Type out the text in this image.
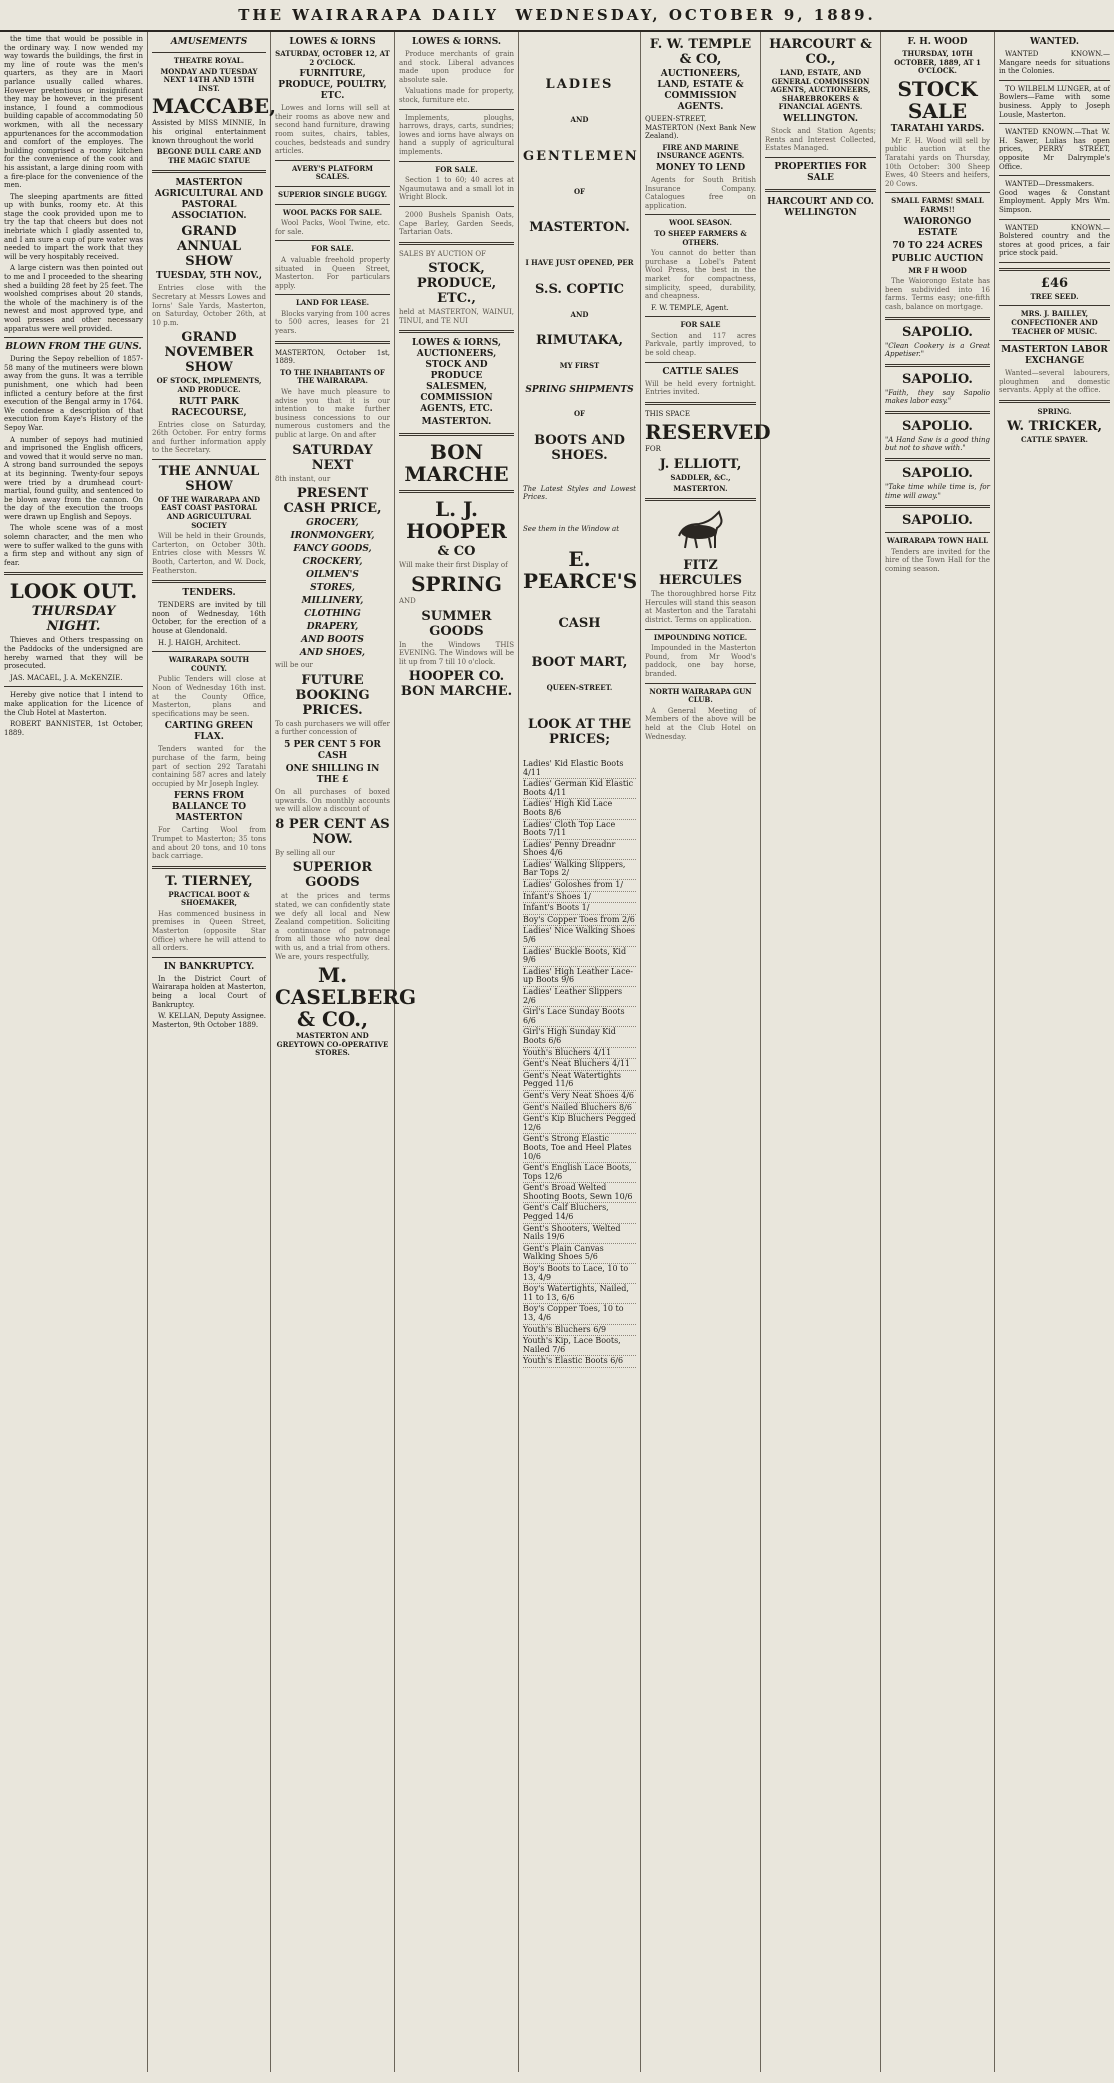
THE WAIRARAPA DAILY
WEDNESDAY, OCTOBER 9, 1889.

the time that would be possible in the ordinary way. I now wended my way towards the buildings, the first in my line of route was the men's quarters, as they are in Maori parlance usually called whares. However pretentious or insignificant they may be however, in the present instance, I found a commodious building capable of accommodating 50 workmen, with all the necessary appurtenances for the accommodation and comfort of the employes. The building comprised a roomy kitchen for the convenience of the cook and his assistant, a large dining room with a fire-place for the convenience of the men.

The sleeping apartments are fitted up with bunks, roomy etc. At this stage the cook provided upon me to try the tap that cheers but does not inebriate which I gladly assented to, and I am sure a cup of pure water was needed to impart the work that they will be very hospitably received.

A large cistern was then pointed out to me and I proceeded to the shearing shed a building 28 feet by 25 feet. The woolshed comprises about 20 stands, the whole of the machinery is of the newest and most approved type, and wool presses and other necessary apparatus were well provided.

BLOWN FROM THE GUNS.

During the Sepoy rebellion of 1857-58 many of the mutineers were blown away from the guns. It was a terrible punishment, one which had been inflicted a century before at the first execution of the Bengal army in 1764. We condense a description of that execution from Kaye's History of the Sepoy War.

A number of sepoys had mutinied and imprisoned the English officers, and vowed that it would serve no man. A strong band surrounded the sepoys at its beginning. Twenty-four sepoys were tried by a drumhead court-martial, found guilty, and sentenced to be blown away from the cannon. On the day of the execution the troops were drawn up English and Sepoys.

The whole scene was of a most solemn character, and the men who were to suffer walked to the guns with a firm step and without any sign of fear.

LOOK OUT.
THURSDAY NIGHT.

Thieves and Others trespassing on the Paddocks of the undersigned are hereby warned that they will be prosecuted.

JAS. MACAEL, J. A. McKENZIE.

Hereby give notice that I intend to make application for the Licence of the Club Hotel at Masterton.

ROBERT BANNISTER, 1st October, 1889.

AMUSEMENTS
THEATRE ROYAL.
MONDAY AND TUESDAY NEXT 14TH AND 15TH INST.
MACCABE,

Assisted by MISS MINNIE, In his original entertainment known throughout the world

BEGONE DULL CARE AND THE MAGIC STATUE
MASTERTON AGRICULTURAL AND PASTORAL ASSOCIATION.
GRAND ANNUAL SHOW
TUESDAY, 5TH NOV.,

Entries close with the Secretary at Messrs Lowes and Iorns' Sale Yards, Masterton, on Saturday, October 26th, at 10 p.m.

GRAND NOVEMBER SHOW
OF STOCK, IMPLEMENTS, AND PRODUCE.
RUTT PARK RACECOURSE,

Entries close on Saturday, 26th October. For entry forms and further information apply to the Secretary.

THE ANNUAL SHOW
OF THE WAIRARAPA AND EAST COAST PASTORAL AND AGRICULTURAL SOCIETY

Will be held in their Grounds, Carterton, on October 30th. Entries close with Messrs W. Booth, Carterton, and W. Dock, Featherston.

TENDERS.

TENDERS are invited by till noon of Wednesday, 16th October, for the erection of a house at Glendonald.

H. J. HAIGH, Architect.

WAIRARAPA SOUTH COUNTY.

Public Tenders will close at Noon of Wednesday 16th inst. at the County Office, Masterton, plans and specifications may be seen.

CARTING GREEN FLAX.

Tenders wanted for the purchase of the farm, being part of section 292 Taratahi containing 587 acres and lately occupied by Mr Joseph Ingley.

FERNS FROM BALLANCE TO MASTERTON

For Carting Wool from Trumpet to Masterton; 35 tons and about 20 tons, and 10 tons back carriage.

T. TIERNEY,
PRACTICAL BOOT & SHOEMAKER,

Has commenced business in premises in Queen Street, Masterton (opposite Star Office) where he will attend to all orders.

IN BANKRUPTCY.

In the District Court of Wairarapa holden at Masterton, being a local Court of Bankruptcy.

W. KELLAN, Deputy Assignee. Masterton, 9th October 1889.

LOWES & IORNS
SATURDAY, OCTOBER 12, AT 2 O'CLOCK.
FURNITURE, PRODUCE, POULTRY, ETC.

Lowes and Iorns will sell at their rooms as above new and second hand furniture, drawing room suites, chairs, tables, couches, bedsteads and sundry articles.

AVERY'S PLATFORM SCALES.
SUPERIOR SINGLE BUGGY.
WOOL PACKS FOR SALE.

Wool Packs, Wool Twine, etc. for sale.

FOR SALE.

A valuable freehold property situated in Queen Street, Masterton. For particulars apply.

LAND FOR LEASE.

Blocks varying from 100 acres to 500 acres, leases for 21 years.

MASTERTON, October 1st, 1889.

TO THE INHABITANTS OF THE WAIRARAPA.

We have much pleasure to advise you that it is our intention to make further business concessions to our numerous customers and the public at large. On and after

SATURDAY NEXT

8th instant, our

PRESENT CASH PRICE,
GROCERY,
IRONMONGERY,
FANCY GOODS,
CROCKERY,
OILMEN'S
STORES,
MILLINERY,
CLOTHING
DRAPERY,
AND BOOTS
AND SHOES,

will be our

FUTURE BOOKING PRICES.

To cash purchasers we will offer a further concession of

5 PER CENT 5 FOR CASH
ONE SHILLING IN THE £

On all purchases of boxed upwards. On monthly accounts we will allow a discount of

8 PER CENT AS NOW.

By selling all our

SUPERIOR GOODS

at the prices and terms stated, we can confidently state we defy all local and New Zealand competition. Soliciting a continuance of patronage from all those who now deal with us, and a trial from others. We are, yours respectfully,

M. CASELBERG & CO.,
MASTERTON AND GREYTOWN CO-OPERATIVE STORES.
LOWES & IORNS.

Produce merchants of grain and stock. Liberal advances made upon produce for absolute sale.

Valuations made for property, stock, furniture etc.

Implements, ploughs, harrows, drays, carts, sundries; lowes and iorns have always on hand a supply of agricultural implements.

FOR SALE.

Section 1 to 60; 40 acres at Ngaumutawa and a small lot in Wright Block.

2000 Bushels Spanish Oats, Cape Barley, Garden Seeds, Tartarian Oats.

SALES BY AUCTION OF

STOCK, PRODUCE, ETC.,

held at MASTERTON, WAINUI, TINUI, and TE NUI

LOWES & IORNS, AUCTIONEERS, STOCK AND PRODUCE SALESMEN, COMMISSION AGENTS, ETC.
MASTERTON.
BON MARCHE
L. J. HOOPER
& CO

Will make their first Display of

SPRING

AND

SUMMER GOODS

In the Windows THIS EVENING. The Windows will be lit up from 7 till 10 o'clock.

HOOPER CO. BON MARCHE.
LADIES
AND
GENTLEMEN
OF
MASTERTON.
I HAVE JUST OPENED, PER
S.S. COPTIC
AND
RIMUTAKA,
MY FIRST
SPRING SHIPMENTS
OF
BOOTS AND SHOES.

The Latest Styles and Lowest Prices.

See them in the Window at

E. PEARCE'S
CASH
BOOT MART,
QUEEN-STREET.
LOOK AT THE PRICES;
Ladies' Kid Elastic Boots 4/11
Ladies' German Kid Elastic Boots 4/11
Ladies' High Kid Lace Boots 8/6
Ladies' Cloth Top Lace Boots 7/11
Ladies' Penny Dreadnr Shoes 4/6
Ladies' Walking Slippers, Bar Tops 2/
Ladies' Goloshes from 1/
Infant's Shoes 1/
Infant's Boots 1/
Boy's Copper Toes from 2/6
Ladies' Nice Walking Shoes 5/6
Ladies' Buckle Boots, Kid 9/6
Ladies' High Leather Lace-up Boots 9/6
Ladies' Leather Slippers 2/6
Girl's Lace Sunday Boots 6/6
Girl's High Sunday Kid Boots 6/6
Youth's Bluchers 4/11
Gent's Neat Bluchers 4/11
Gent's Neat Watertights Pegged 11/6
Gent's Very Neat Shoes 4/6
Gent's Nailed Bluchers 8/6
Gent's Kip Bluchers Pegged 12/6
Gent's Strong Elastic Boots, Toe and Heel Plates 10/6
Gent's English Lace Boots, Tops 12/6
Gent's Broad Welted Shooting Boots, Sewn 10/6
Gent's Calf Bluchers, Pegged 14/6
Gent's Shooters, Welted Nails 19/6
Gent's Plain Canvas Walking Shoes 5/6
Boy's Boots to Lace, 10 to 13, 4/9
Boy's Watertights, Nailed, 11 to 13, 6/6
Boy's Copper Toes, 10 to 13, 4/6
Youth's Bluchers 6/9
Youth's Kip, Lace Boots, Nailed 7/6
Youth's Elastic Boots 6/6
F. W. TEMPLE & CO,
AUCTIONEERS, LAND, ESTATE & COMMISSION AGENTS.

QUEEN-STREET, MASTERTON (Next Bank New Zealand).

FIRE AND MARINE INSURANCE AGENTS.
MONEY TO LEND

Agents for South British Insurance Company. Catalogues free on application.

WOOL SEASON.
TO SHEEP FARMERS & OTHERS.

You cannot do better than purchase a Lobel's Patent Wool Press, the best in the market for compactness, simplicity, speed, durability, and cheapness.

F. W. TEMPLE, Agent.

FOR SALE

Section and 117 acres Parkvale, partly improved, to be sold cheap.

CATTLE SALES

Will be held every fortnight. Entries invited.

THIS SPACE

RESERVED

FOR

J. ELLIOTT,
SADDLER, &C.,
MASTERTON.
FITZ HERCULES

The thoroughbred horse Fitz Hercules will stand this season at Masterton and the Taratahi district. Terms on application.

IMPOUNDING NOTICE.

Impounded in the Masterton Pound, from Mr Wood's paddock, one bay horse, branded.

NORTH WAIRARAPA GUN CLUB.

A General Meeting of Members of the above will be held at the Club Hotel on Wednesday.

HARCOURT & CO.,
LAND, ESTATE, AND GENERAL COMMISSION AGENTS, AUCTIONEERS, SHAREBROKERS & FINANCIAL AGENTS.
WELLINGTON.

Stock and Station Agents; Rents and Interest Collected, Estates Managed.

PROPERTIES FOR SALE

HARCOURT AND CO. WELLINGTON
F. H. WOOD
THURSDAY, 10TH OCTOBER, 1889, AT 1 O'CLOCK.
STOCK SALE
TARATAHI YARDS.

Mr F. H. Wood will sell by public auction at the Taratahi yards on Thursday, 10th October: 300 Sheep Ewes, 40 Steers and heifers, 20 Cows.

SMALL FARMS! SMALL FARMS!!
WAIORONGO ESTATE
70 TO 224 ACRES
PUBLIC AUCTION
MR F H WOOD

The Waiorongo Estate has been subdivided into 16 farms. Terms easy; one-fifth cash, balance on mortgage.

SAPOLIO.

"Clean Cookery is a Great Appetiser."

SAPOLIO.

"Faith, they say Sapolio makes labor easy."

SAPOLIO.

"A Hand Saw is a good thing but not to shave with."

SAPOLIO.

"Take time while time is, for time will away."

SAPOLIO.
WAIRARAPA TOWN HALL

Tenders are invited for the hire of the Town Hall for the coming season.

WANTED.

WANTED KNOWN.—Mangare needs for situations in the Colonies.

TO WILBELM LUNGER, at of Bowlers—Fame with some business. Apply to Joseph Lousle, Masterton.

WANTED KNOWN.—That W. H. Sawer, Lulias has open prices, PERRY STREET, opposite Mr Dalrymple's Office.

WANTED—Dressmakers. Good wages & Constant Employment. Apply Mrs Wm. Simpson.

WANTED KNOWN.—Bolstered country and the stores at good prices, a fair price stock paid.

£46
TREE SEED.
MRS. J. BAILLEY, CONFECTIONER AND TEACHER OF MUSIC.
MASTERTON LABOR EXCHANGE

Wanted—several labourers, ploughmen and domestic servants. Apply at the office.

SPRING.
W. TRICKER,
CATTLE SPAYER.
